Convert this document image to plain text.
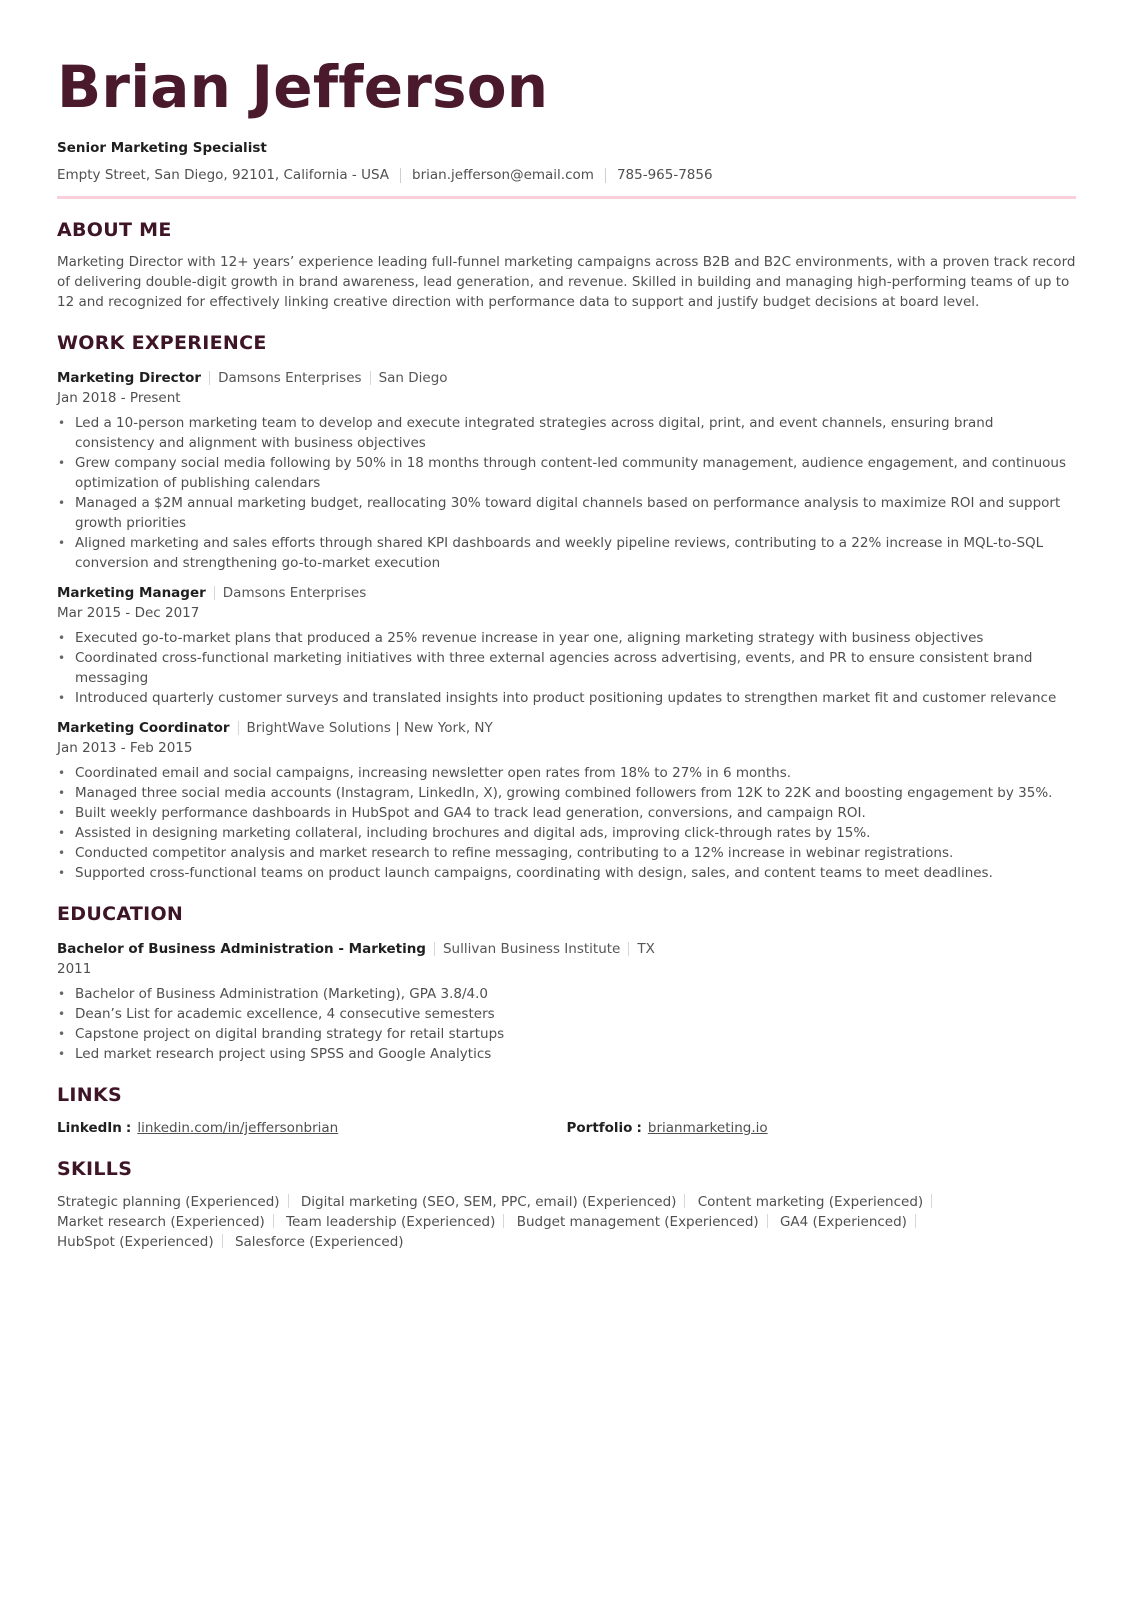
Brian Jefferson
Senior Marketing Specialist
Empty Street, San Diego, 92101, California - USA brian.jefferson@email.com 785-965-7856
ABOUT ME
Marketing Director with 12+ years’ experience leading full-funnel marketing campaigns across B2B and B2C environments, with a proven track record of delivering double-digit growth in brand awareness, lead generation, and revenue. Skilled in building and managing high-performing teams of up to 12 and recognized for effectively linking creative direction with performance data to support and justify budget decisions at board level.
WORK EXPERIENCE
Marketing Director Damsons Enterprises San Diego
Jan 2018 - Present
• Led a 10-person marketing team to develop and execute integrated strategies across digital, print, and event channels, ensuring brand consistency and alignment with business objectives
• Grew company social media following by 50% in 18 months through content-led community management, audience engagement, and continuous optimization of publishing calendars
• Managed a $2M annual marketing budget, reallocating 30% toward digital channels based on performance analysis to maximize ROI and support growth priorities
• Aligned marketing and sales efforts through shared KPI dashboards and weekly pipeline reviews, contributing to a 22% increase in MQL-to-SQL conversion and strengthening go-to-market execution
Marketing Manager Damsons Enterprises
Mar 2015 - Dec 2017
• Executed go-to-market plans that produced a 25% revenue increase in year one, aligning marketing strategy with business objectives
• Coordinated cross-functional marketing initiatives with three external agencies across advertising, events, and PR to ensure consistent brand messaging
• Introduced quarterly customer surveys and translated insights into product positioning updates to strengthen market fit and customer relevance
Marketing Coordinator BrightWave Solutions | New York, NY
Jan 2013 - Feb 2015
• Coordinated email and social campaigns, increasing newsletter open rates from 18% to 27% in 6 months.
• Managed three social media accounts (Instagram, LinkedIn, X), growing combined followers from 12K to 22K and boosting engagement by 35%.
• Built weekly performance dashboards in HubSpot and GA4 to track lead generation, conversions, and campaign ROI.
• Assisted in designing marketing collateral, including brochures and digital ads, improving click-through rates by 15%.
• Conducted competitor analysis and market research to refine messaging, contributing to a 12% increase in webinar registrations.
• Supported cross-functional teams on product launch campaigns, coordinating with design, sales, and content teams to meet deadlines.
EDUCATION
Bachelor of Business Administration - Marketing Sullivan Business Institute TX
2011
• Bachelor of Business Administration (Marketing), GPA 3.8/4.0
• Dean’s List for academic excellence, 4 consecutive semesters
• Capstone project on digital branding strategy for retail startups
• Led market research project using SPSS and Google Analytics
LINKS
LinkedIn : linkedin.com/in/jeffersonbrian	Portfolio : brianmarketing.io
SKILLS
Strategic planning (Experienced) Digital marketing (SEO, SEM, PPC, email) (Experienced) Content marketing (Experienced) Market research (Experienced) Team leadership (Experienced) Budget management (Experienced) GA4 (Experienced) HubSpot (Experienced) Salesforce (Experienced)
